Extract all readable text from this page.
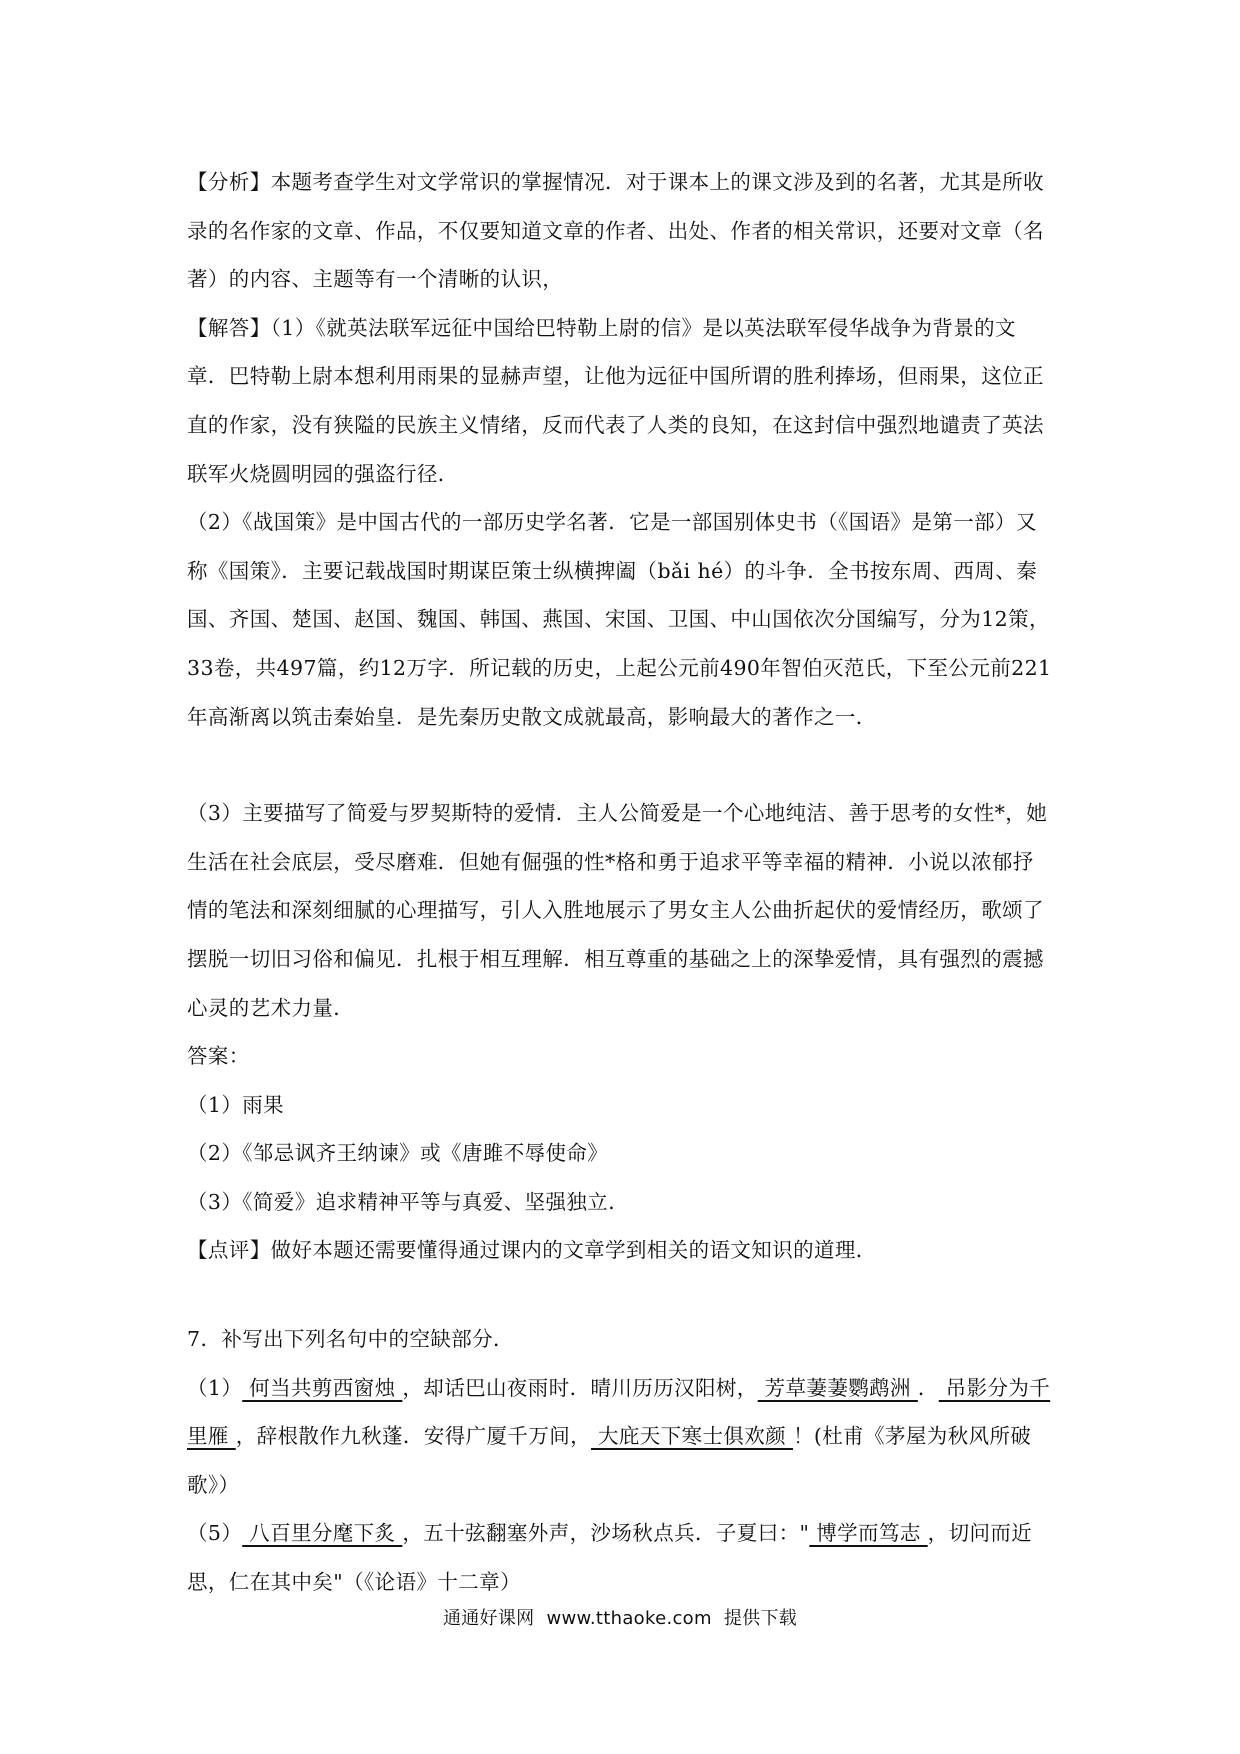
【分析】本题考查学生对文学常识的掌握情况．对于课本上的课文涉及到的名著，尤其是所收录的名作家的文章、作品，不仅要知道文章的作者、出处、作者的相关常识，还要对文章（名著）的内容、主题等有一个清晰的认识，

【解答】（1）《就英法联军远征中国给巴特勒上尉的信》是以英法联军侵华战争为背景的文章．巴特勒上尉本想利用雨果的显赫声望，让他为远征中国所谓的胜利捧场，但雨果，这位正直的作家，没有狭隘的民族主义情绪，反而代表了人类的良知，在这封信中强烈地谴责了英法联军火烧圆明园的强盗行径．

（2）《战国策》是中国古代的一部历史学名著．它是一部国别体史书（《国语》是第一部）又称《国策》．主要记载战国时期谋臣策士纵横捭阖（bǎi hé）的斗争．全书按东周、西周、秦国、齐国、楚国、赵国、魏国、韩国、燕国、宋国、卫国、中山国依次分国编写，分为12策，33卷，共497篇，约12万字．所记载的历史，上起公元前490年智伯灭范氏，下至公元前221年高渐离以筑击秦始皇．是先秦历史散文成就最高，影响最大的著作之一．

（3）主要描写了简爱与罗契斯特的爱情．主人公简爱是一个心地纯洁、善于思考的女性*，她生活在社会底层，受尽磨难．但她有倔强的性*格和勇于追求平等幸福的精神．小说以浓郁抒情的笔法和深刻细腻的心理描写，引人入胜地展示了男女主人公曲折起伏的爱情经历，歌颂了摆脱一切旧习俗和偏见．扎根于相互理解．相互尊重的基础之上的深挚爱情，具有强烈的震撼心灵的艺术力量．

答案：

（1）雨果

（2）《邹忌讽齐王纳谏》或《唐雎不辱使命》

（3）《简爱》追求精神平等与真爱、坚强独立．

【点评】做好本题还需要懂得通过课内的文章学到相关的语文知识的道理．

7．补写出下列名句中的空缺部分．

（1） 何当共剪西窗烛 ，却话巴山夜雨时．晴川历历汉阳树， 芳草萋萋鹦鹉洲 ． 吊影分为千里雁 ，辞根散作九秋蓬．安得广厦千万间， 大庇天下寒士俱欢颜 ！(杜甫《茅屋为秋风所破歌》）

（5） 八百里分麾下炙 ，五十弦翻塞外声，沙场秋点兵．子夏曰：" 博学而笃志 ，切问而近思，仁在其中矣"（《论语》十二章）

通通好课网 www.tthaoke.com 提供下载
